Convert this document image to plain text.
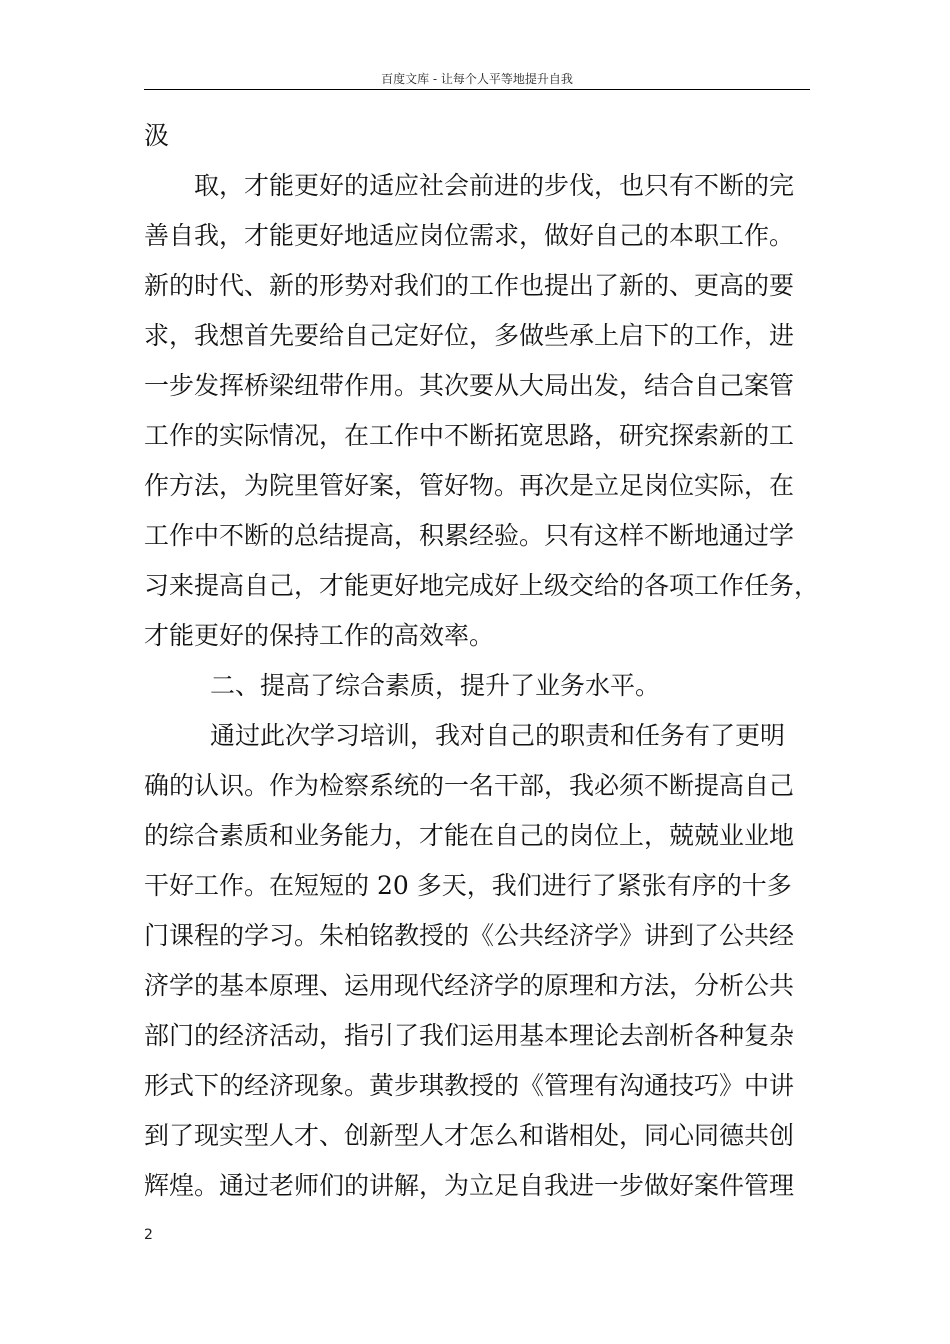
百度文库 - 让每个人平等地提升自我
汲
取，才能更好的适应社会前进的步伐，也只有不断的完
善自我，才能更好地适应岗位需求，做好自己的本职工作。
新的时代、新的形势对我们的工作也提出了新的、更高的要
求，我想首先要给自己定好位，多做些承上启下的工作，进
一步发挥桥梁纽带作用。其次要从大局出发，结合自己案管
工作的实际情况，在工作中不断拓宽思路，研究探索新的工
作方法，为院里管好案，管好物。再次是立足岗位实际，在
工作中不断的总结提高，积累经验。只有这样不断地通过学
习来提高自己，才能更好地完成好上级交给的各项工作任务，
才能更好的保持工作的高效率。
二、提高了综合素质，提升了业务水平。
通过此次学习培训，我对自己的职责和任务有了更明
确的认识。作为检察系统的一名干部，我必须不断提高自己
的综合素质和业务能力，才能在自己的岗位上，兢兢业业地
干好工作。在短短的 20 多天，我们进行了紧张有序的十多
门课程的学习。朱柏铭教授的《公共经济学》讲到了公共经
济学的基本原理、运用现代经济学的原理和方法，分析公共
部门的经济活动，指引了我们运用基本理论去剖析各种复杂
形式下的经济现象。黄步琪教授的《管理有沟通技巧》中讲
到了现实型人才、创新型人才怎么和谐相处，同心同德共创
辉煌。通过老师们的讲解，为立足自我进一步做好案件管理
2
